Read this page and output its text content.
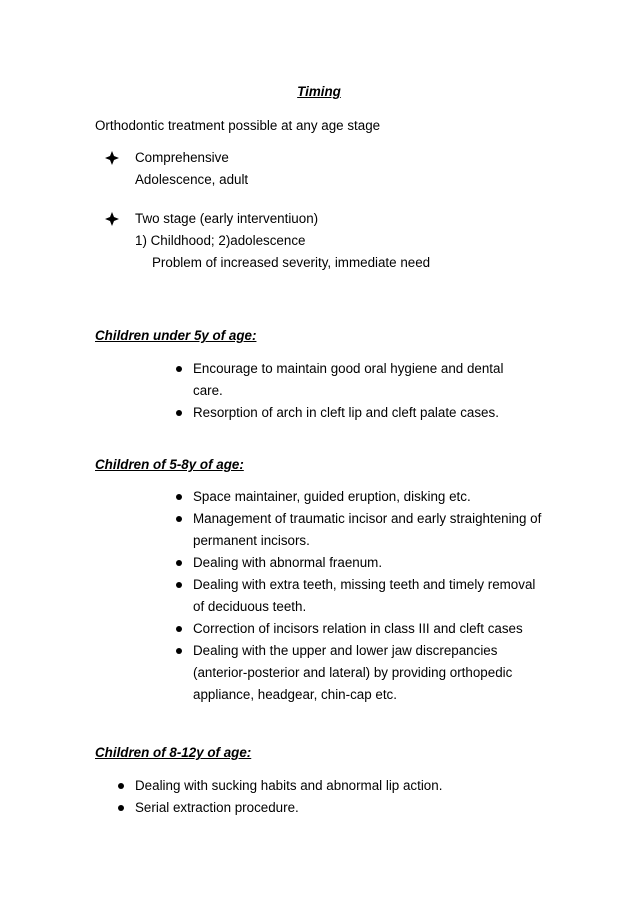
Timing
Orthodontic treatment possible at any age stage
Comprehensive
Adolescence, adult
Two stage (early interventiuon)
1) Childhood; 2)adolescence
Problem of increased severity, immediate need
Children under 5y of age:
Encourage to maintain good oral hygiene and dental care.
Resorption of arch in cleft lip and cleft palate cases.
Children of 5-8y of age:
Space maintainer, guided eruption, disking etc.
Management of traumatic incisor and early straightening of permanent incisors.
Dealing with abnormal fraenum.
Dealing with extra teeth, missing teeth and timely removal of deciduous teeth.
Correction of incisors relation in class III and cleft cases
Dealing with the upper and lower jaw discrepancies (anterior-posterior and lateral) by providing orthopedic appliance, headgear, chin-cap etc.
Children of 8-12y of age:
Dealing with sucking habits and abnormal lip action.
Serial extraction procedure.
